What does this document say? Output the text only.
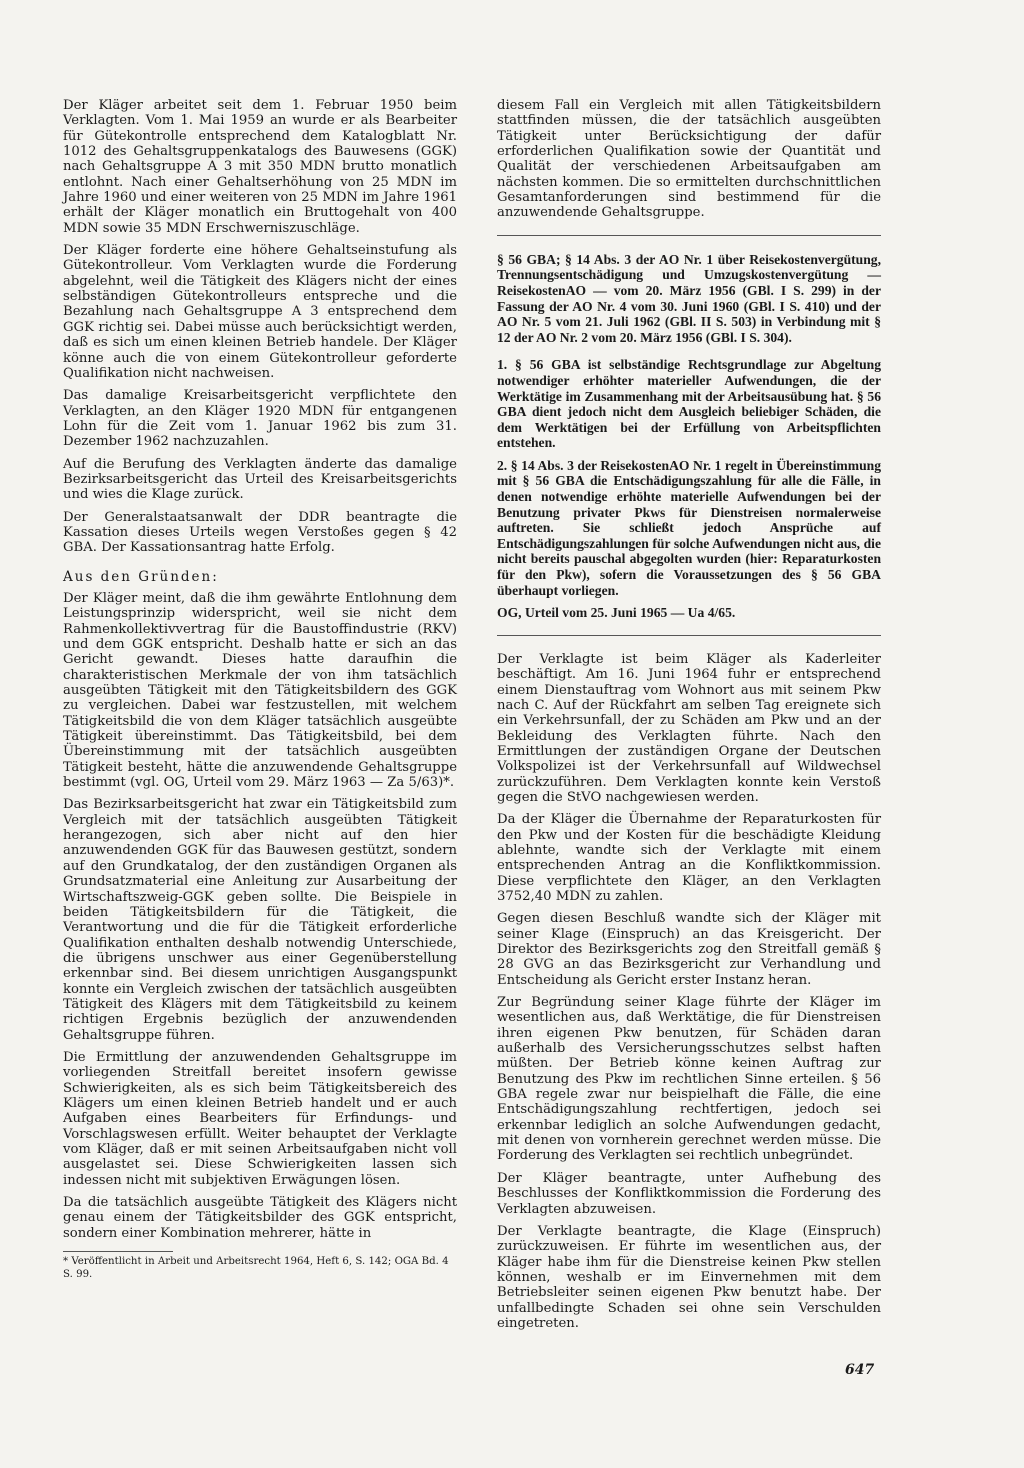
Der Kläger arbeitet seit dem 1. Februar 1950 beim Verklagten. Vom 1. Mai 1959 an wurde er als Bearbeiter für Gütekontrolle entsprechend dem Katalogblatt Nr. 1012 des Gehaltsgruppenkatalogs des Bauwesens (GGK) nach Gehaltsgruppe A 3 mit 350 MDN brutto monatlich entlohnt. Nach einer Gehaltserhöhung von 25 MDN im Jahre 1960 und einer weiteren von 25 MDN im Jahre 1961 erhält der Kläger monatlich ein Bruttogehalt von 400 MDN sowie 35 MDN Erschwerniszuschläge.

Der Kläger forderte eine höhere Gehaltseinstufung als Gütekontrolleur. Vom Verklagten wurde die Forderung abgelehnt, weil die Tätigkeit des Klägers nicht der eines selbständigen Gütekontrolleurs entspreche und die Bezahlung nach Gehaltsgruppe A 3 entsprechend dem GGK richtig sei. Dabei müsse auch berücksichtigt werden, daß es sich um einen kleinen Betrieb handele. Der Kläger könne auch die von einem Gütekontrolleur geforderte Qualifikation nicht nachweisen.

Das damalige Kreisarbeitsgericht verpflichtete den Verklagten, an den Kläger 1920 MDN für entgangenen Lohn für die Zeit vom 1. Januar 1962 bis zum 31. Dezember 1962 nachzuzahlen.

Auf die Berufung des Verklagten änderte das damalige Bezirksarbeitsgericht das Urteil des Kreisarbeitsgerichts und wies die Klage zurück.

Der Generalstaatsanwalt der DDR beantragte die Kassation dieses Urteils wegen Verstoßes gegen § 42 GBA. Der Kassationsantrag hatte Erfolg.

Aus den Gründen:

Der Kläger meint, daß die ihm gewährte Entlohnung dem Leistungsprinzip widerspricht, weil sie nicht dem Rahmenkollektivvertrag für die Baustoffindustrie (RKV) und dem GGK entspricht. Deshalb hatte er sich an das Gericht gewandt. Dieses hatte daraufhin die charakteristischen Merkmale der von ihm tatsächlich ausgeübten Tätigkeit mit den Tätigkeitsbildern des GGK zu vergleichen. Dabei war festzustellen, mit welchem Tätigkeitsbild die von dem Kläger tatsächlich ausgeübte Tätigkeit übereinstimmt. Das Tätigkeitsbild, bei dem Übereinstimmung mit der tatsächlich ausgeübten Tätigkeit besteht, hätte die anzuwendende Gehaltsgruppe bestimmt (vgl. OG, Urteil vom 29. März 1963 — Za 5/63)*.

Das Bezirksarbeitsgericht hat zwar ein Tätigkeitsbild zum Vergleich mit der tatsächlich ausgeübten Tätigkeit herangezogen, sich aber nicht auf den hier anzuwendenden GGK für das Bauwesen gestützt, sondern auf den Grundkatalog, der den zuständigen Organen als Grundsatzmaterial eine Anleitung zur Ausarbeitung der Wirtschaftszweig-GGK geben sollte. Die Beispiele in beiden Tätigkeitsbildern für die Tätigkeit, die Verantwortung und die für die Tätigkeit erforderliche Qualifikation enthalten deshalb notwendig Unterschiede, die übrigens unschwer aus einer Gegenüberstellung erkennbar sind. Bei diesem unrichtigen Ausgangspunkt konnte ein Vergleich zwischen der tatsächlich ausgeübten Tätigkeit des Klägers mit dem Tätigkeitsbild zu keinem richtigen Ergebnis bezüglich der anzuwendenden Gehaltsgruppe führen.

Die Ermittlung der anzuwendenden Gehaltsgruppe im vorliegenden Streitfall bereitet insofern gewisse Schwierigkeiten, als es sich beim Tätigkeitsbereich des Klägers um einen kleinen Betrieb handelt und er auch Aufgaben eines Bearbeiters für Erfindungs- und Vorschlagswesen erfüllt. Weiter behauptet der Verklagte vom Kläger, daß er mit seinen Arbeitsaufgaben nicht voll ausgelastet sei. Diese Schwierigkeiten lassen sich indessen nicht mit subjektiven Erwägungen lösen.

Da die tatsächlich ausgeübte Tätigkeit des Klägers nicht genau einem der Tätigkeitsbilder des GGK entspricht, sondern einer Kombination mehrerer, hätte in

* Veröffentlicht in Arbeit und Arbeitsrecht 1964, Heft 6, S. 142; OGA Bd. 4 S. 99.

diesem Fall ein Vergleich mit allen Tätigkeitsbildern stattfinden müssen, die der tatsächlich ausgeübten Tätigkeit unter Berücksichtigung der dafür erforderlichen Qualifikation sowie der Quantität und Qualität der verschiedenen Arbeitsaufgaben am nächsten kommen. Die so ermittelten durchschnittlichen Gesamtanforderungen sind bestimmend für die anzuwendende Gehaltsgruppe.

§ 56 GBA; § 14 Abs. 3 der AO Nr. 1 über Reisekostenvergütung, Trennungsentschädigung und Umzugskostenvergütung — ReisekostenAO — vom 20. März 1956 (GBl. I S. 299) in der Fassung der AO Nr. 4 vom 30. Juni 1960 (GBl. I S. 410) und der AO Nr. 5 vom 21. Juli 1962 (GBl. II S. 503) in Verbindung mit § 12 der AO Nr. 2 vom 20. März 1956 (GBl. I S. 304).

1. § 56 GBA ist selbständige Rechtsgrundlage zur Abgeltung notwendiger erhöhter materieller Aufwendungen, die der Werktätige im Zusammenhang mit der Arbeitsausübung hat. § 56 GBA dient jedoch nicht dem Ausgleich beliebiger Schäden, die dem Werktätigen bei der Erfüllung von Arbeitspflichten entstehen.

2. § 14 Abs. 3 der ReisekostenAO Nr. 1 regelt in Übereinstimmung mit § 56 GBA die Entschädigungszahlung für alle die Fälle, in denen notwendige erhöhte materielle Aufwendungen bei der Benutzung privater Pkws für Dienstreisen normalerweise auftreten. Sie schließt jedoch Ansprüche auf Entschädigungszahlungen für solche Aufwendungen nicht aus, die nicht bereits pauschal abgegolten wurden (hier: Reparaturkosten für den Pkw), sofern die Voraussetzungen des § 56 GBA überhaupt vorliegen.

OG, Urteil vom 25. Juni 1965 — Ua 4/65.

Der Verklagte ist beim Kläger als Kaderleiter beschäftigt. Am 16. Juni 1964 fuhr er entsprechend einem Dienstauftrag vom Wohnort aus mit seinem Pkw nach C. Auf der Rückfahrt am selben Tag ereignete sich ein Verkehrsunfall, der zu Schäden am Pkw und an der Bekleidung des Verklagten führte. Nach den Ermittlungen der zuständigen Organe der Deutschen Volkspolizei ist der Verkehrsunfall auf Wildwechsel zurückzuführen. Dem Verklagten konnte kein Verstoß gegen die StVO nachgewiesen werden.

Da der Kläger die Übernahme der Reparaturkosten für den Pkw und der Kosten für die beschädigte Kleidung ablehnte, wandte sich der Verklagte mit einem entsprechenden Antrag an die Konfliktkommission. Diese verpflichtete den Kläger, an den Verklagten 3752,40 MDN zu zahlen.

Gegen diesen Beschluß wandte sich der Kläger mit seiner Klage (Einspruch) an das Kreisgericht. Der Direktor des Bezirksgerichts zog den Streitfall gemäß § 28 GVG an das Bezirksgericht zur Verhandlung und Entscheidung als Gericht erster Instanz heran.

Zur Begründung seiner Klage führte der Kläger im wesentlichen aus, daß Werktätige, die für Dienstreisen ihren eigenen Pkw benutzen, für Schäden daran außerhalb des Versicherungsschutzes selbst haften müßten. Der Betrieb könne keinen Auftrag zur Benutzung des Pkw im rechtlichen Sinne erteilen. § 56 GBA regele zwar nur beispielhaft die Fälle, die eine Entschädigungszahlung rechtfertigen, jedoch sei erkennbar lediglich an solche Aufwendungen gedacht, mit denen von vornherein gerechnet werden müsse. Die Forderung des Verklagten sei rechtlich unbegründet.

Der Kläger beantragte, unter Aufhebung des Beschlusses der Konfliktkommission die Forderung des Verklagten abzuweisen.

Der Verklagte beantragte, die Klage (Einspruch) zurückzuweisen. Er führte im wesentlichen aus, der Kläger habe ihm für die Dienstreise keinen Pkw stellen können, weshalb er im Einvernehmen mit dem Betriebsleiter seinen eigenen Pkw benutzt habe. Der unfallbedingte Schaden sei ohne sein Verschulden eingetreten.

647
